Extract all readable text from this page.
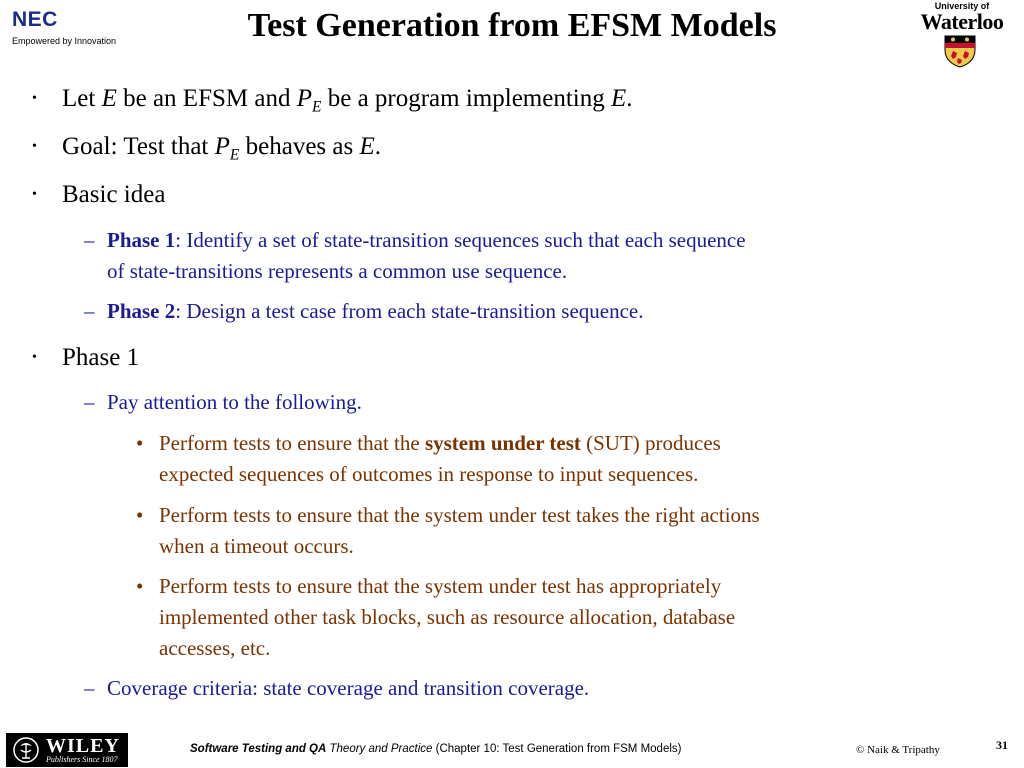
NEC
Empowered by Innovation	Test Generation from EFSM Models
University of
Waterloo
• Let E be an EFSM and $P_E$ be a program implementing E.
• Goal: Test that $P_E$ behaves as E.
• Basic idea
– Phase 1: Identify a set of state-transition sequences such that each sequence
of state-transitions represents a common use sequence.
– Phase 2: Design a test case from each state-transition sequence.
• Phase 1
– Pay attention to the following.
• Perform tests to ensure that the system under test (SUT) produces
expected sequences of outcomes in response to input sequences.
• Perform tests to ensure that the system under test takes the right actions
when a timeout occurs.
• Perform tests to ensure that the system under test has appropriately
implemented other task blocks, such as resource allocation, database
accesses, etc.
– Coverage criteria: state coverage and transition coverage.
WILEY
Publishers Since 1807
Software Testing and QA Theory and Practice (Chapter 10: Test Generation from FSM Models)	© Naik & Tripathy	31
